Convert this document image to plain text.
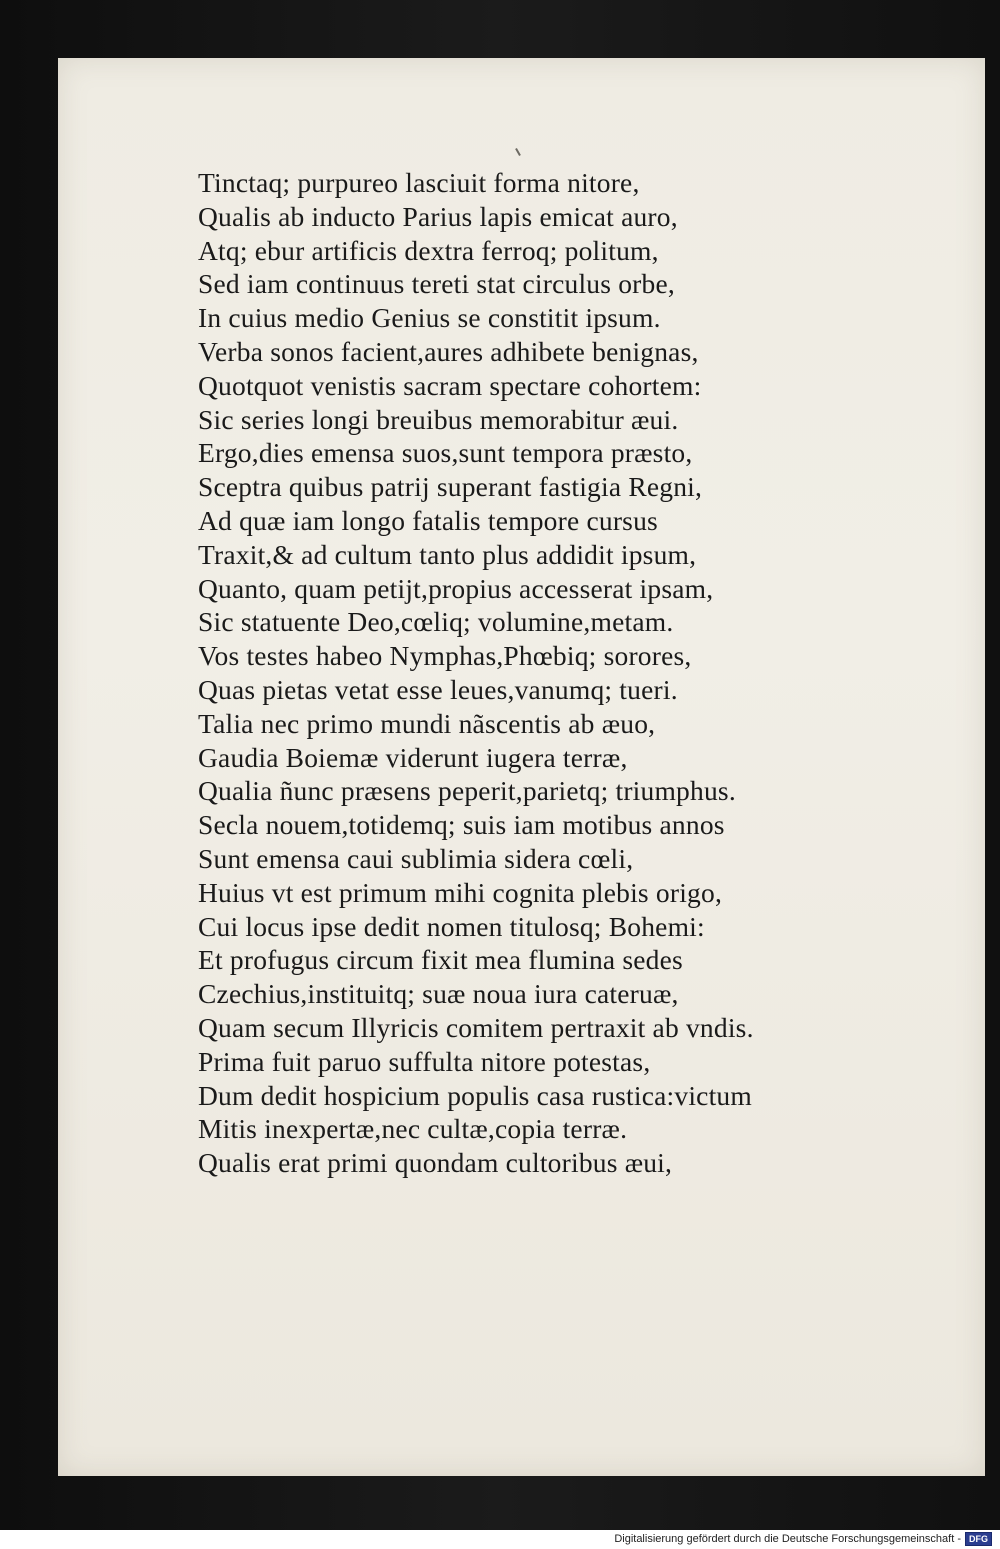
Tinctaq; purpureo lasciuit forma nitore,
Qualis ab inducto Parius lapis emicat auro,
Atq; ebur artificis dextra ferroq; politum,
Sed iam continuus tereti stat circulus orbe,
In cuius medio Genius se constitit ipsum.
Verba sonos facient,aures adhibete benignas,
Quotquot venistis sacram spectare cohortem:
Sic series longi breuibus memorabitur æui.
Ergo,dies emensa suos,sunt tempora præsto,
Sceptra quibus patrij superant fastigia Regni,
Ad quæ iam longo fatalis tempore cursus
Traxit,& ad cultum tanto plus addidit ipsum,
Quanto, quam petijt,propius accesserat ipsam,
Sic statuente Deo,cœliq; volumine,metam.
Vos testes habeo Nymphas,Phœbiq; sorores,
Quas pietas vetat esse leues,vanumq; tueri.
Talia nec primo mundi nãscentis ab æuo,
Gaudia Boiemæ viderunt iugera terræ,
Qualia ñunc præsens peperit,parietq; triumphus.
Secla nouem,totidemq; suis iam motibus annos
Sunt emensa caui sublimia sidera cœli,
Huius vt est primum mihi cognita plebis origo,
Cui locus ipse dedit nomen titulosq; Bohemi:
Et profugus circum fixit mea flumina sedes
Czechius,instituitq; suæ noua iura cateruæ,
Quam secum Illyricis comitem pertraxit ab vndis.
Prima fuit paruo suffulta nitore potestas,
Dum dedit hospicium populis casa rustica:victum
Mitis inexpertæ,nec cultæ,copia terræ.
Qualis erat primi quondam cultoribus æui,
Digitalisierung gefördert durch die Deutsche Forschungsgemeinschaft - DFG
